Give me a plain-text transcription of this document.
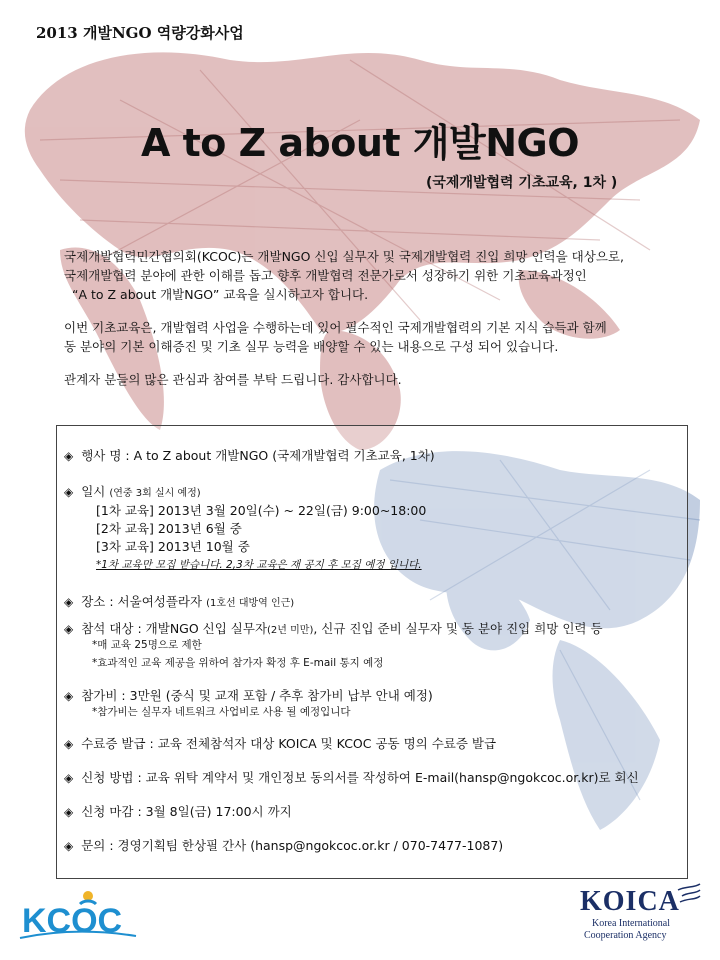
2013 개발NGO 역량강화사업
A to Z about 개발NGO
(국제개발협력 기초교육, 1차 )

국제개발협력민간협의회(KCOC)는 개발NGO 신입 실무자 및 국제개발협력 진입 희망 인력을 대상으로,
국제개발협력 분야에 관한 이해를 돕고 향후 개발협력 전문가로서 성장하기 위한 기초교육과정인
“A to Z about 개발NGO” 교육을 실시하고자 합니다.

이번 기초교육은, 개발협력 사업을 수행하는데 있어 필수적인 국제개발협력의 기본 지식 습득과 함께
동 분야의 기본 이해증진 및 기초 실무 능력을 배양할 수 있는 내용으로 구성 되어 있습니다.

관계자 분들의 많은 관심과 참여를 부탁 드립니다. 감사합니다.

◈ 행사 명 : A to Z about 개발NGO (국제개발협력 기초교육, 1차)
◈ 일시 (연중 3회 실시 예정)
[1차 교육] 2013년 3월 20일(수) ~ 22일(금) 9:00~18:00
[2차 교육] 2013년 6월 중
[3차 교육] 2013년 10월 중
*1차 교육만 모집 받습니다. 2,3차 교육은 재 공지 후 모집 예정 입니다.
◈ 장소 : 서울여성플라자 (1호선 대방역 인근)
◈ 참석 대상 : 개발NGO 신입 실무자(2년 미만), 신규 진입 준비 실무자 및 동 분야 진입 희망 인력 등
*매 교육 25명으로 제한
*효과적인 교육 제공을 위하여 참가자 확정 후 E-mail 통지 예정
◈ 참가비 : 3만원 (중식 및 교재 포함 / 추후 참가비 납부 안내 예정)
*참가비는 실무자 네트워크 사업비로 사용 될 예정입니다
◈ 수료증 발급 : 교육 전체참석자 대상 KOICA 및 KCOC 공동 명의 수료증 발급
◈ 신청 방법 : 교육 위탁 계약서 및 개인정보 동의서를 작성하여 E-mail(hansp@ngokcoc.or.kr)로 회신
◈ 신청 마감 : 3월 8일(금) 17:00시 까지
◈ 문의 : 경영기획팀 한상필 간사 (hansp@ngokcoc.or.kr / 070-7477-1087)
KCOC
KOICA
Korea International
Cooperation Agency
